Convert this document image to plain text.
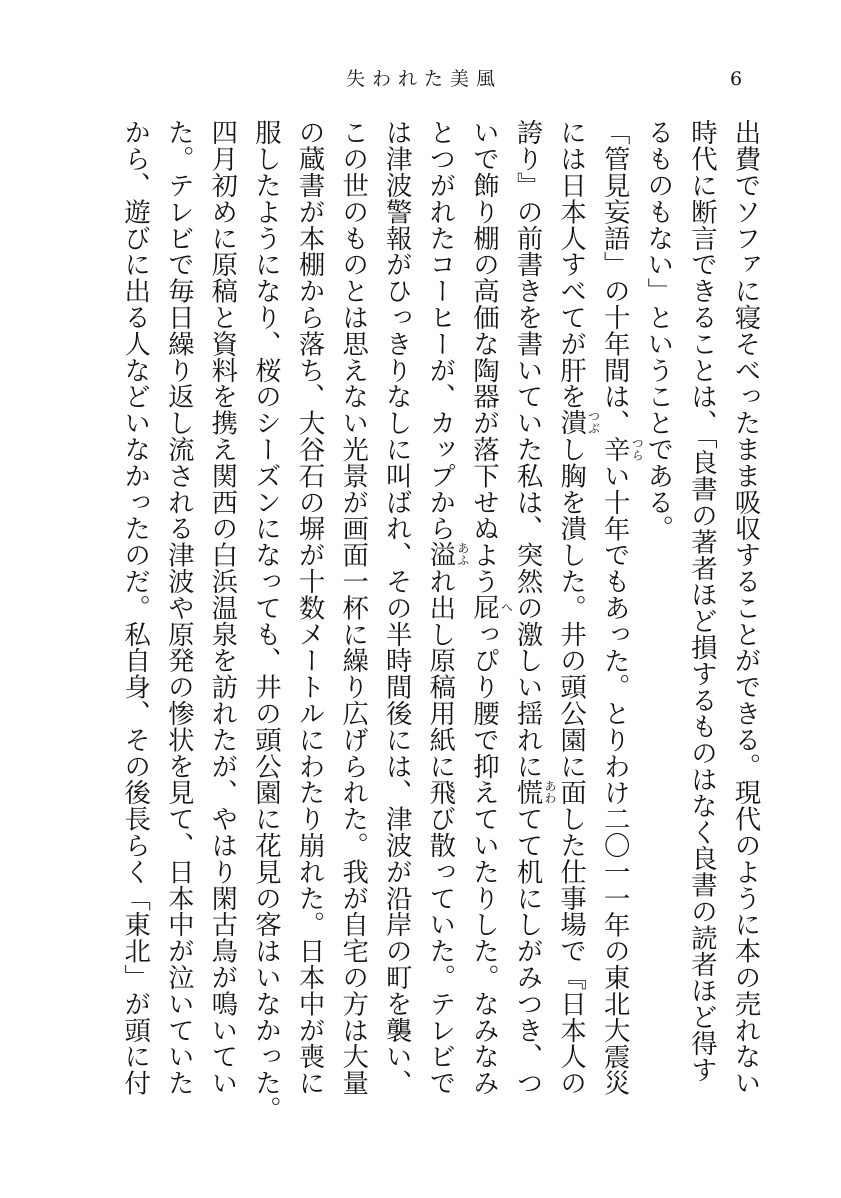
失われた美風	6
出費でソファに寝そべったまま吸収することができる。現代のように本の売れない
時代に断言できることは、「良書の著者ほど損するものはなく良書の読者ほど得す
るものもない」ということである。
「管見妄語」の十年間は、辛 つら
い十年でもあった。とりわけ二〇一一年の東北大震災
には日本人すべてが肝を潰 つぶ
し胸を潰した。井の頭公園に面した仕事場で『日本人の
誇り』の前書きを書いていた私は、突然の激しい揺れに慌 あわ
てて机にしがみつき、つ
いで飾り棚の高価な陶器が落下せぬよう屁 へ
っぴり腰で抑えていたりした。なみなみ
とつがれたコーヒーが、カップから溢 あふ
れ出し原稿用紙に飛び散っていた。テレビで
は津波警報がひっきりなしに叫ばれ、その半時間後には、津波が沿岸の町を襲い、
この世のものとは思えない光景が画面一杯に繰り広げられた。我が自宅の方は大量
の蔵書が本棚から落ち、大谷石の塀が十数メートルにわたり崩れた。日本中が喪に
服したようになり、桜のシーズンになっても、井の頭公園に花見の客はいなかった。
四月初めに原稿と資料を携え関西の白浜温泉を訪れたが、やはり閑古鳥が鳴いてい
た。テレビで毎日繰り返し流される津波や原発の惨状を見て、日本中が泣いていた
から、遊びに出る人などいなかったのだ。私自身、その後長らく「東北」が頭に付
